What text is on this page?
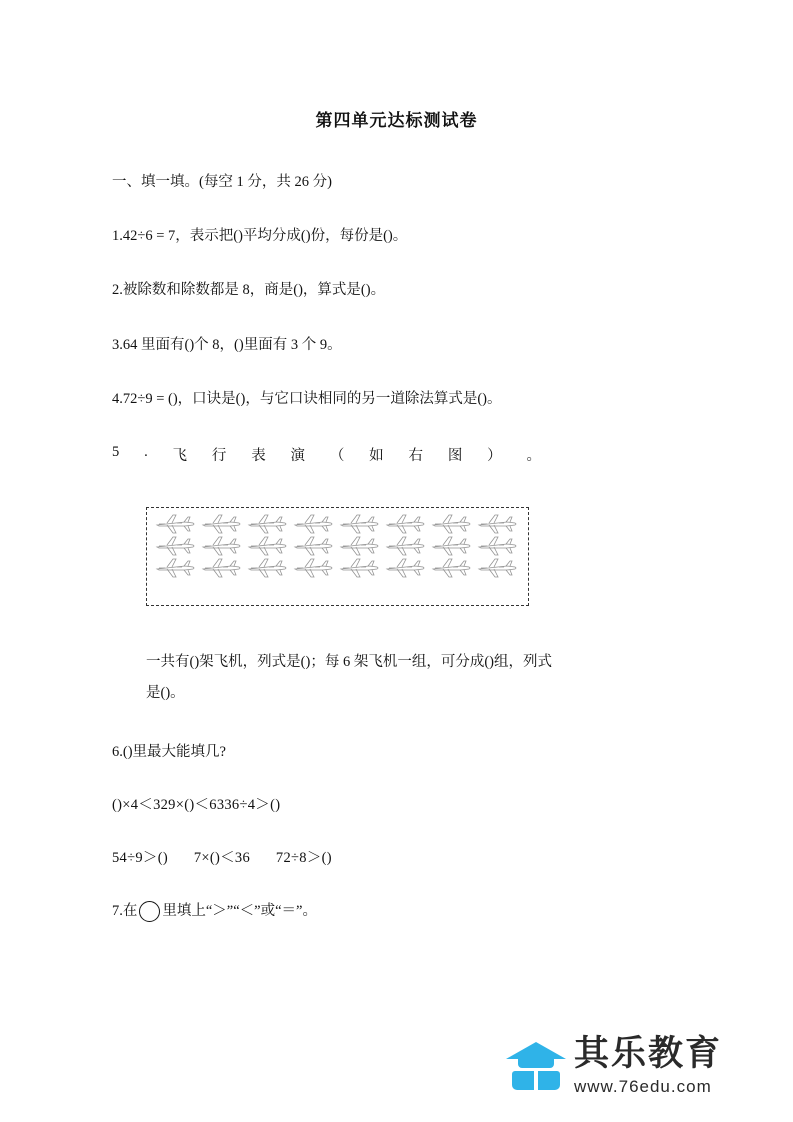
第四单元达标测试卷

一、填一填。(每空 1 分，共 26 分)

1.42÷6 = 7，表示把()平均分成()份，每份是()。

2.被除数和除数都是 8，商是()，算式是()。

3.64 里面有()个 8，()里面有 3 个 9。

4.72÷9 = ()，口诀是()，与它口诀相同的另一道除法算式是()。

5 . 飞 行 表 演 （ 如 右 图 ） 。

一共有()架飞机，列式是()；每 6 架飞机一组，可分成()组，列式

是()。

6.()里最大能填几?

()×4＜329×()＜6336÷4＞()

54÷9＞() 7×()＜36 72÷8＞()

7.在 里填上“＞”“＜”或“＝”。

其乐教育
www.76edu.com
